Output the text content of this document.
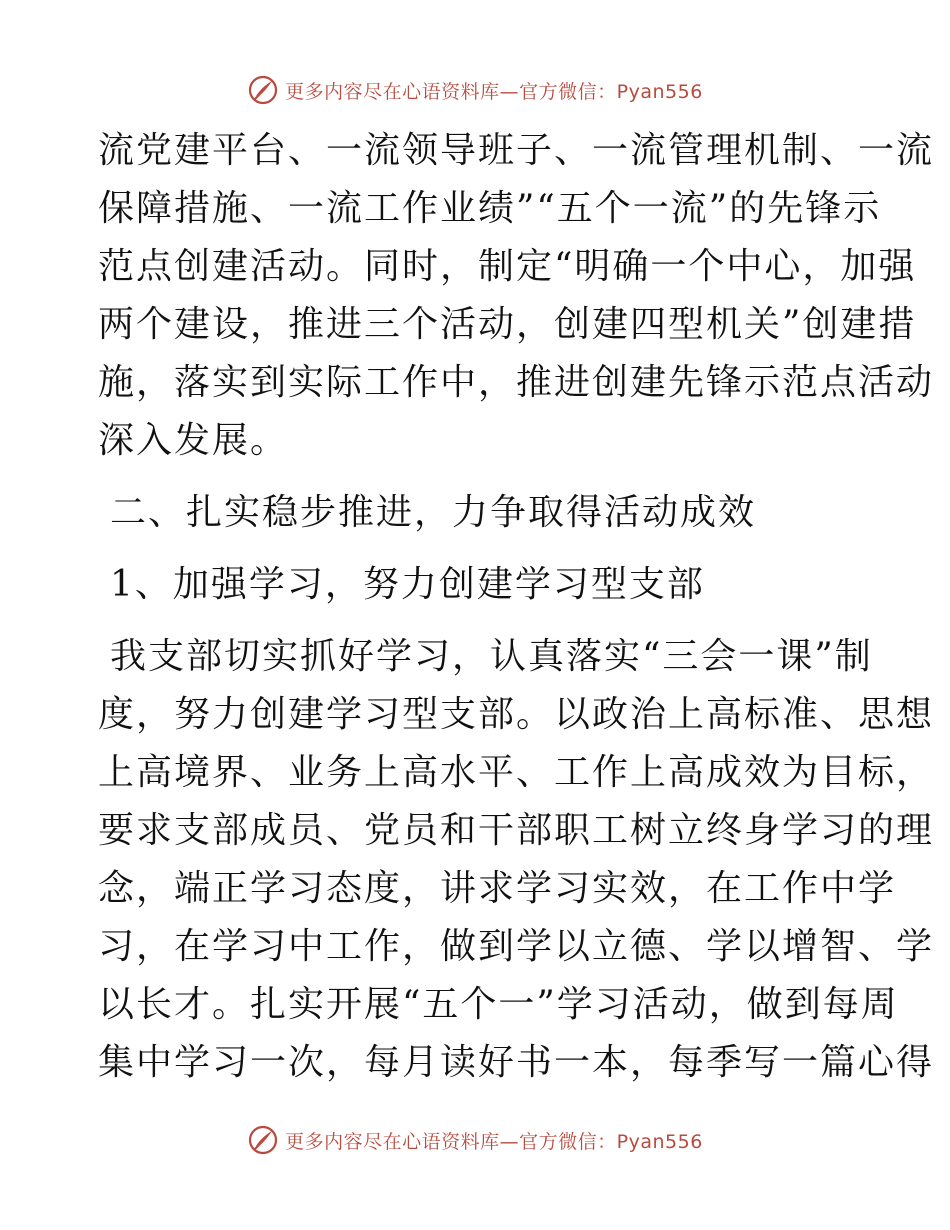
更多内容尽在心语资料库—官方微信：Pyan556
流党建平台、一流领导班子、一流管理机制、一流
保障措施、一流工作业绩”“五个一流”的先锋示
范点创建活动。同时，制定“明确一个中心，加强
两个建设，推进三个活动，创建四型机关”创建措
施，落实到实际工作中，推进创建先锋示范点活动
深入发展。
二、扎实稳步推进，力争取得活动成效
1、加强学习，努力创建学习型支部
我支部切实抓好学习，认真落实“三会一课”制
度，努力创建学习型支部。以政治上高标准、思想
上高境界、业务上高水平、工作上高成效为目标，
要求支部成员、党员和干部职工树立终身学习的理
念，端正学习态度，讲求学习实效，在工作中学
习，在学习中工作，做到学以立德、学以增智、学
以长才。扎实开展“五个一”学习活动，做到每周
集中学习一次，每月读好书一本，每季写一篇心得
更多内容尽在心语资料库—官方微信：Pyan556
